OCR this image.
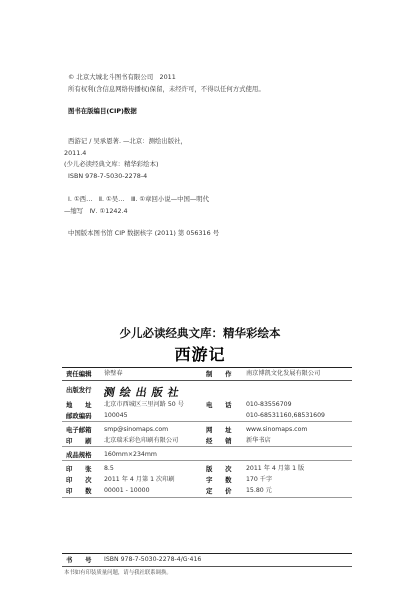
© 北京大城北斗图书有限公司　2011
所有权利(含信息网络传播权)保留，未经许可，不得以任何方式使用。
图书在版编目(CIP)数据
西游记 / 吴承恩著. —北京：测绘出版社，
2011.4
(少儿必读经典文库：精华彩绘本)
ISBN 978-7-5030-2278-4
Ⅰ. ①西…　Ⅱ. ①吴…　Ⅲ. ①章回小说—中国—明代
—缩写　Ⅳ. ①1242.4
中国版本图书馆 CIP 数据核字 (2011) 第 056316 号
少儿必读经典文库：精华彩绘本
西游记
责任编辑 徐璧春	制　　作 南京博凯文化发展有限公司
出版发行 测绘出版社
地　　址 北京市西城区三里河路 50 号	电　　话 010-83556709
邮政编码 100045	010-68531160,68531609
电子邮箱 smp@sinomaps.com	网　　址 www.sinomaps.com
印　　刷 北京瑞禾彩色印刷有限公司	经　　销 新华书店
成品规格 160mm×234mm
印　　张 8.5	版　　次 2011 年 4 月第 1 版
印　　次 2011 年 4 月第 1 次印刷	字　　数 170 千字
印　　数 00001 - 10000	定　　价 15.80 元
书　　号 ISBN 978-7-5030-2278-4/G·416
本书如有印装质量问题，请与我社联系调换。
